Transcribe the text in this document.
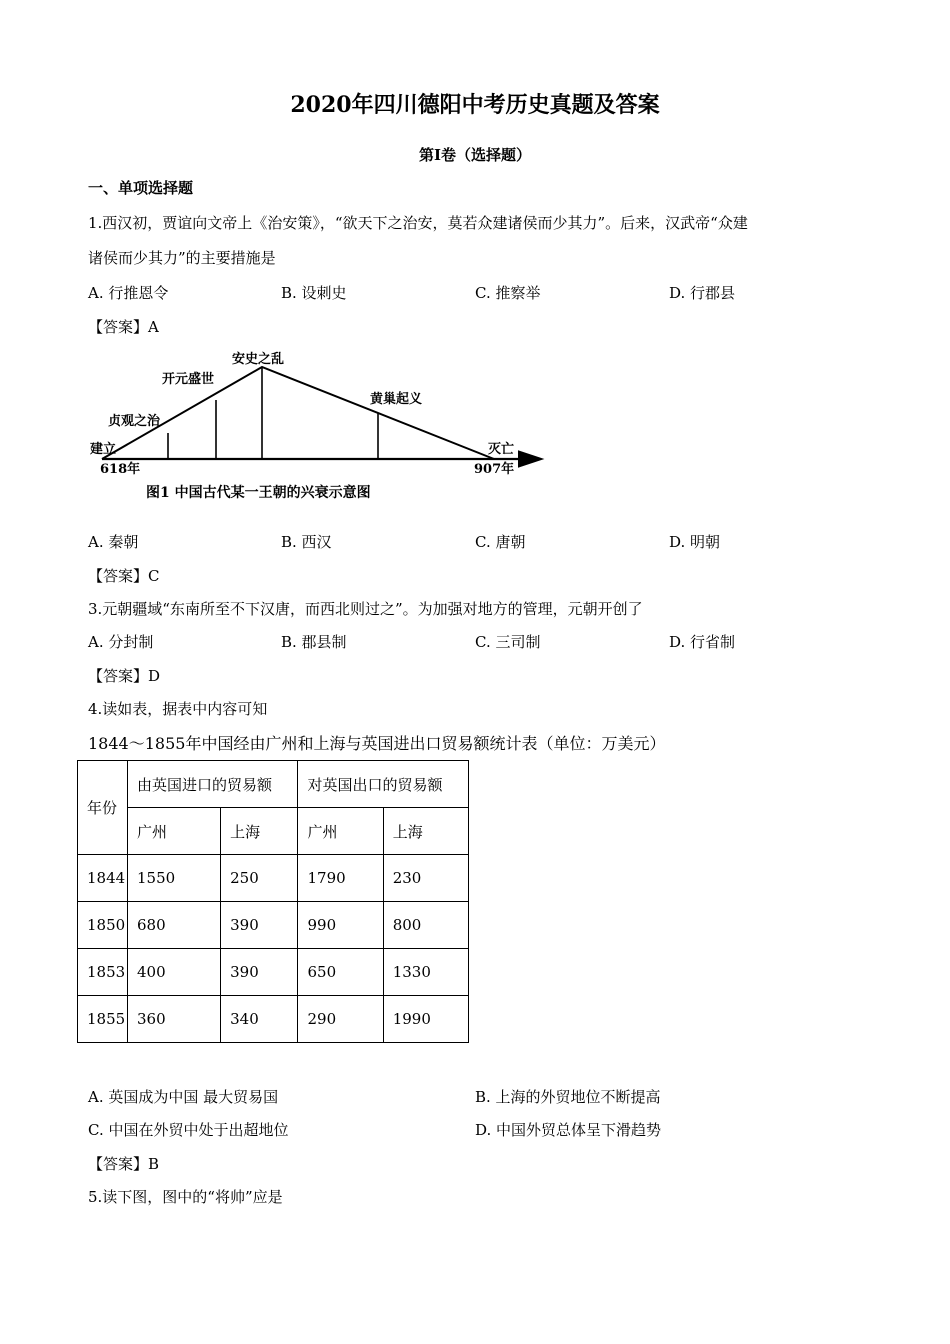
2020年四川德阳中考历史真题及答案
第Ⅰ卷（选择题）
一、单项选择题
1.西汉初，贾谊向文帝上《治安策》，“欲天下之治安，莫若众建诸侯而少其力”。后来，汉武帝“众建
诸侯而少其力”的主要措施是
A. 行推恩令	B. 设刺史	C. 推察举	D. 行郡县
【答案】A
建立
618年
贞观之治
开元盛世
安史之乱
黄巢起义
灭亡
907年
图1 中国古代某一王朝的兴衰示意图
A. 秦朝	B. 西汉	C. 唐朝	D. 明朝
【答案】C
3.元朝疆域“东南所至不下汉唐，而西北则过之”。为加强对地方的管理，元朝开创了
A. 分封制	B. 郡县制	C. 三司制	D. 行省制
【答案】D
4.读如表，据表中内容可知
1844～1855年中国经由广州和上海与英国进出口贸易额统计表（单位：万美元）
年份	由英国进口的贸易额		对英国出口的贸易额	
	广州	上海	广州	上海
1844	1550	250	1790	230
1850	680	390	990	800
1853	400	390	650	1330
1855	360	340	290	1990
A. 英国成为中国 最大贸易国	B. 上海的外贸地位不断提高
C. 中国在外贸中处于出超地位	D. 中国外贸总体呈下滑趋势
【答案】B
5.读下图，图中的“将帅”应是
